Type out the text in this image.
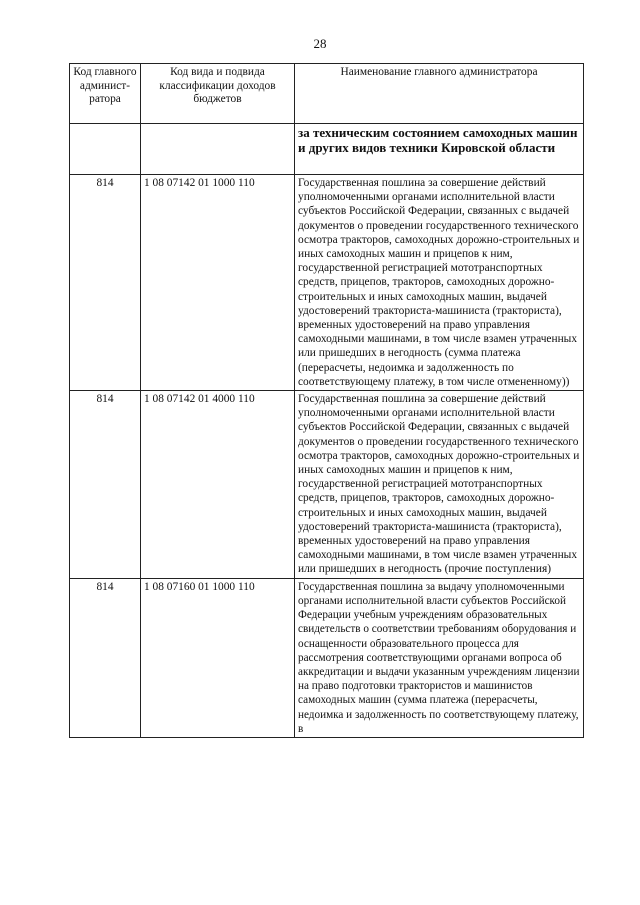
28
Код главного админист-ратора	Код вида и подвида классификации доходов бюджетов	Наименование главного администратора
		за техническим состоянием самоходных машин и других видов техники Кировской области
814	1 08 07142 01 1000 110	Государственная пошлина за совершение действий уполномоченными органами исполнительной власти субъектов Российской Федерации, связанных с выдачей документов о проведении государственного технического осмотра тракторов, самоходных дорожно-строительных и иных самоходных машин и прицепов к ним, государственной регистрацией мототранспортных средств, прицепов, тракторов, самоходных дорожно-строительных и иных самоходных машин, выдачей удостоверений тракториста-машиниста (тракториста), временных удостоверений на право управления самоходными машинами, в том числе взамен утраченных или пришедших в негодность (сумма платежа (перерасчеты, недоимка и задолженность по соответствующему платежу, в том числе отмененному))
814	1 08 07142 01 4000 110	Государственная пошлина за совершение действий уполномоченными органами исполнительной власти субъектов Российской Федерации, связанных с выдачей документов о проведении государственного технического осмотра тракторов, самоходных дорожно-строительных и иных самоходных машин и прицепов к ним, государственной регистрацией мототранспортных средств, прицепов, тракторов, самоходных дорожно-строительных и иных самоходных машин, выдачей удостоверений тракториста-машиниста (тракториста), временных удостоверений на право управления самоходными машинами, в том числе взамен утраченных или пришедших в негодность (прочие поступления)
814	1 08 07160 01 1000 110	Государственная пошлина за выдачу уполномоченными органами исполнительной власти субъектов Российской Федерации учебным учреждениям образовательных свидетельств о соответствии требованиям оборудования и оснащенности образовательного процесса для рассмотрения соответствующими органами вопроса об аккредитации и выдачи указанным учреждениям лицензии на право подготовки трактористов и машинистов самоходных машин (сумма платежа (перерасчеты, недоимка и задолженность по соответствующему платежу, в
